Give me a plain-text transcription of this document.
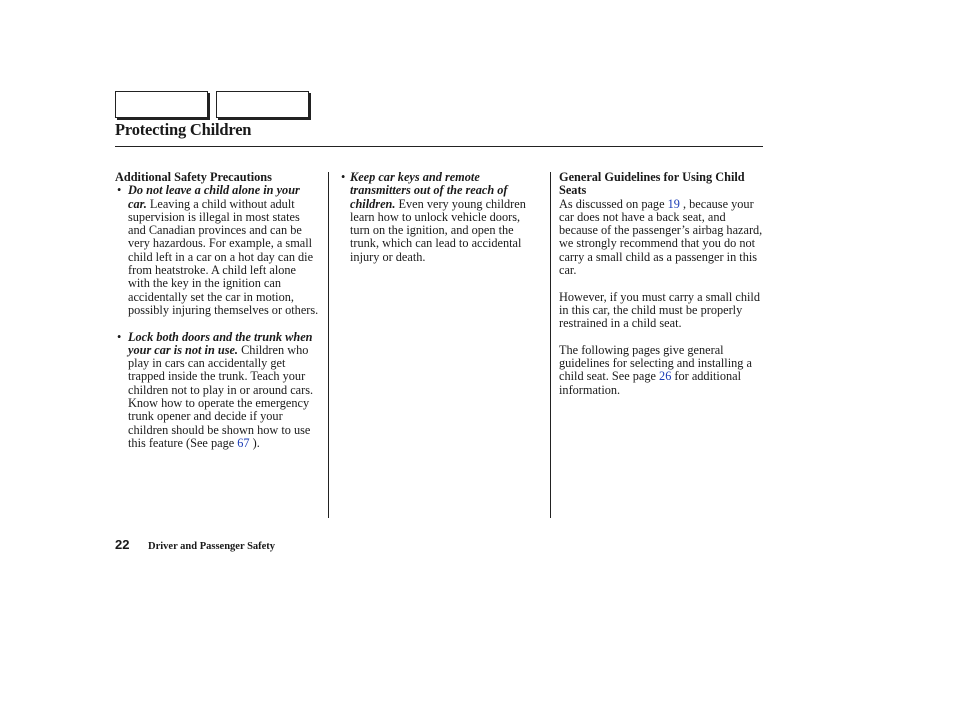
Protecting Children
Additional Safety Precautions
• Do not leave a child alone in your car. Leaving a child without adult supervision is illegal in most states and Canadian provinces and can be very hazardous. For example, a small child left in a car on a hot day can die from heatstroke. A child left alone with the key in the ignition can accidentally set the car in motion, possibly injuring themselves or others.
• Lock both doors and the trunk when your car is not in use. Children who play in cars can accidentally get trapped inside the trunk. Teach your children not to play in or around cars. Know how to operate the emergency trunk opener and decide if your children should be shown how to use this feature (See page 67 ).
• Keep car keys and remote transmitters out of the reach of children. Even very young children learn how to unlock vehicle doors, turn on the ignition, and open the trunk, which can lead to accidental injury or death.
General Guidelines for Using Child Seats
As discussed on page 19 , because your car does not have a back seat, and because of the passenger’s airbag hazard, we strongly recommend that you do not carry a small child as a passenger in this car.
However, if you must carry a small child in this car, the child must be properly restrained in a child seat.
The following pages give general guidelines for selecting and installing a child seat. See page 26 for additional information.
22 Driver and Passenger Safety
